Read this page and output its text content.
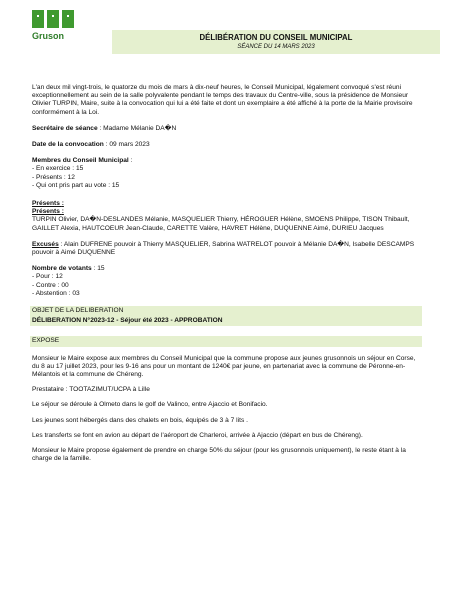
Gruson	DÉLIBÉRATION DU CONSEIL MUNICIPAL
SÉANCE DU 14 MARS 2023

L'an deux mil vingt-trois, le quatorze du mois de mars à dix-neuf heures, le Conseil Municipal, légalement convoqué s'est réuni exceptionnellement au sein de la salle polyvalente pendant le temps des travaux du Centre-ville, sous la présidence de Monsieur Olivier TURPIN, Maire, suite à la convocation qui lui a été faite et dont un exemplaire a été affiché à la porte de la Mairie provisoire conformément à la Loi.

Secrétaire de séance : Madame Mélanie DA�N

Date de la convocation : 09 mars 2023

Membres du Conseil Municipal :

- En exercice : 15

- Présents : 12

- Qui ont pris part au vote : 15

Présents :

Présents :

TURPIN Olivier, DA�N-DESLANDES Mélanie, MASQUELIER Thierry, HÉROGUER Hélène, SMOENS Philippe, TISON Thibault, GAILLET Alexia, HAUTCOEUR Jean-Claude, CARETTE Valère, HAVRET Hélène, DUQUENNE Aimé, DURIEU Jacques

Excusés : Alain DUFRENE pouvoir à Thierry MASQUELIER, Sabrina WATRELOT pouvoir à Mélanie DA�N, Isabelle DESCAMPS pouvoir à Aimé DUQUENNE

Nombre de votants : 15

- Pour : 12

- Contre : 00

- Abstention : 03

OBJET DE LA DELIBERATION

DÉLIBERATION N°2023-12 - Séjour été 2023 - APPROBATION

EXPOSE

Monsieur le Maire expose aux membres du Conseil Municipal que la commune propose aux jeunes grusonnois un séjour en Corse, du 8 au 17 juillet 2023, pour les 9-16 ans pour un montant de 1240€ par jeune, en partenariat avec la commune de Péronne-en-Mélantois et la commune de Chéreng.

Prestataire : TOOTAZIMUT/UCPA à Lille

Le séjour se déroule à Olmeto dans le golf de Valinco, entre Ajaccio et Bonifacio.

Les jeunes sont hébergés dans des chalets en bois, équipés de 3 à 7 lits .

Les transferts se font en avion au départ de l'aéroport de Charleroi, arrivée à Ajaccio (départ en bus de Chéreng).

Monsieur le Maire propose également de prendre en charge 50% du séjour (pour les grusonnois uniquement), le reste étant à la charge de la famille.
